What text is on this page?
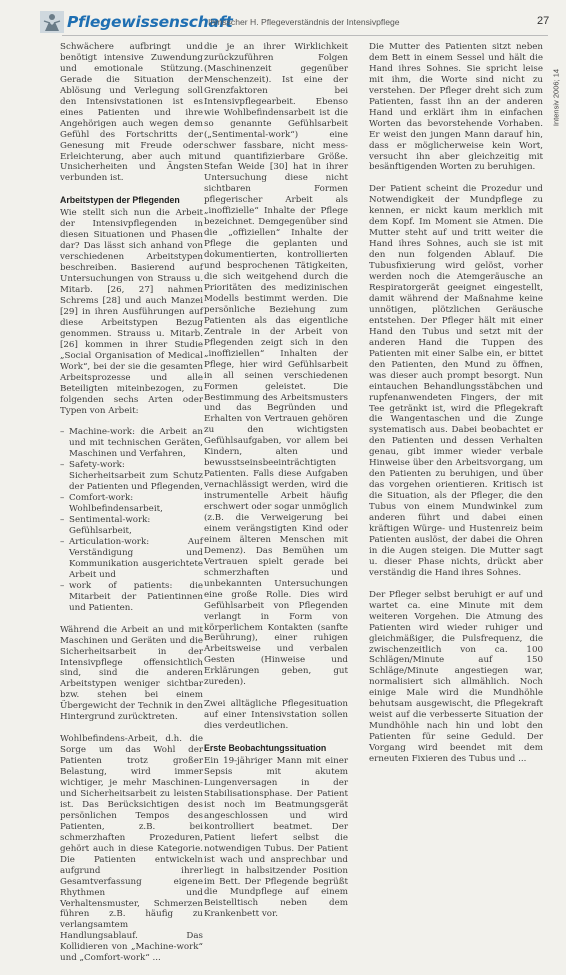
Pflegewissenschaft
Ihmsscher H. Pflegeverständnis der Intensivpflege	27
Intensiv 2006; 14

Schwächere aufbringt und benötigt intensive Zuwendung und emotionale Stützung. Gerade die Situation der Ablösung und Verlegung soll den Intensivstationen ist es eines Patienten und ihre Angehörigen auch wegen dem Gefühl des Fortschritts der Genesung mit Freude oder Erleichterung, aber auch mit Unsicherheiten und Ängsten verbunden ist.

Arbeitstypen der Pflegenden

Wie stellt sich nun die Arbeit der Intensivpflegenden in diesen Situationen und Phasen dar? Das lässt sich anhand von verschiedenen Arbeitstypen beschreiben. Basierend auf Untersuchungen von Strauss u. Mitarb. [26, 27] nahmen Schrems [28] und auch Manzei [29] in ihren Ausführungen auf diese Arbeitstypen Bezug genommen. Strauss u. Mitarb. [26] kommen in ihrer Studie „Social Organisation of Medical Work“, bei der sie die gesamten Arbeitsprozesse und alle Beteiligten miteinbezogen, zu folgenden sechs Arten oder Typen von Arbeit:

– Machine-work: die Arbeit an und mit technischen Geräten, Maschinen und Verfahren,
– Safety-work: Sicherheitsarbeit zum Schutz der Patienten und Pflegenden,
– Comfort-work: Wohlbefindensarbeit,
– Sentimental-work: Gefühlsarbeit,
– Articulation-work: Auf Verständigung und Kommunikation ausgerichtete Arbeit und
– work of patients: die Mitarbeit der Patientinnen und Patienten.

Während die Arbeit an und mit Maschinen und Geräten und die Sicherheitsarbeit in der Intensivpflege offensichtlich sind, sind die anderen Arbeitstypen weniger sichtbar bzw. stehen bei einem Übergewicht der Technik in den Hintergrund zurücktreten.

Wohlbefindens-Arbeit, d.h. die Sorge um das Wohl der Patienten trotz großer Belastung, wird immer wichtiger, je mehr Maschinen- und Sicherheitsarbeit zu leisten ist. Das Berücksichtigen des persönlichen Tempos des Patienten, z.B. bei schmerzhaften Prozeduren, gehört auch in diese Kategorie. Die Patienten entwickeln aufgrund ihrer Gesamtverfassung eigene Rhythmen und Verhaltensmuster, Schmerzen führen z.B. häufig zu verlangsamtem Handlungsablauf. Das Kollidieren von „Machine-work“ und „Comfort-work“ ...

die je an ihrer Wirklichkeit zurückzuführen Folgen (Maschinenzeit gegenüber Menschenzeit). Ist eine der Grenzfaktoren bei Intensivpflegearbeit. Ebenso wie Wohlbefindensarbeit ist die so genannte Gefühlsarbeit („Sentimental-work“) eine schwer fassbare, nicht mess- und quantifizierbare Größe. Stefan Weide [30] hat in ihrer Untersuchung diese nicht sichtbaren Formen pflegerischer Arbeit als „inoffizielle“ Inhalte der Pflege bezeichnet. Demgegenüber sind die „offiziellen“ Inhalte der Pflege die geplanten und dokumentierten, kontrollierten und besprochenen Tätigkeiten, die sich weitgehend durch die Prioritäten des medizinischen Modells bestimmt werden. Die persönliche Beziehung zum Patienten als das eigentliche Zentrale in der Arbeit von Pflegenden zeigt sich in den „inoffiziellen“ Inhalten der Pflege, hier wird Gefühlsarbeit in all seinen verschiedenen Formen geleistet. Die Bestimmung des Arbeitsmusters und das Begründen und Erhalten von Vertrauen gehören zu den wichtigsten Gefühlsaufgaben, vor allem bei Kindern, alten und bewusstseinsbeeinträchtigten Patienten. Falls diese Aufgaben vernachlässigt werden, wird die instrumentelle Arbeit häufig erschwert oder sogar unmöglich (z.B. die Verweigerung bei einem verängstigten Kind oder einem älteren Menschen mit Demenz). Das Bemühen um Vertrauen spielt gerade bei schmerzhaften und unbekannten Untersuchungen eine große Rolle. Dies wird Gefühlsarbeit von Pflegenden verlangt in Form von körperlichem Kontakten (sanfte Berührung), einer ruhigen Arbeitsweise und verbalen Gesten (Hinweise und Erklärungen geben, gut zureden).

Zwei alltägliche Pflegesituation auf einer Intensivstation sollen dies verdeutlichen.

Erste Beobachtungssituation

Ein 19-jähriger Mann mit einer Sepsis mit akutem Lungenversagen in der Stabilisationsphase. Der Patient ist noch im Beatmungsgerät angeschlossen und wird kontrolliert beatmet. Der Patient liefert selbst die notwendigen Tubus. Der Patient ist wach und ansprechbar und liegt in halbsitzender Position im Bett. Der Pflegende begrüßt die Mundpflege auf einem Beistelltisch neben dem Krankenbett vor.

Die Mutter des Patienten sitzt neben dem Bett in einem Sessel und hält die Hand ihres Sohnes. Sie spricht leise mit ihm, die Worte sind nicht zu verstehen. Der Pfleger dreht sich zum Patienten, fasst ihn an der anderen Hand und erklärt ihm in einfachen Worten das bevorstehende Vorhaben. Er weist den jungen Mann darauf hin, dass er möglicherweise kein Wort, versucht ihn aber gleichzeitig mit besänftigenden Worten zu beruhigen.

Der Patient scheint die Prozedur und Notwendigkeit der Mundpflege zu kennen, er nickt kaum merklich mit dem Kopf. Im Moment sie Atmen. Die Mutter steht auf und tritt weiter die Hand ihres Sohnes, auch sie ist mit den nun folgenden Ablauf. Die Tubusfixierung wird gelöst, vorher werden noch die Atemgeräusche an Respiratorgerät geeignet eingestellt, damit während der Maßnahme keine unnötigen, plötzlichen Geräusche entstehen. Der Pfleger hält mit einer Hand den Tubus und setzt mit der anderen Hand die Tuppen des Patienten mit einer Salbe ein, er bittet den Patienten, den Mund zu öffnen, was dieser auch prompt besorgt. Nun eintauchen Behandlungsstäbchen und rupfenanwendeten Fingers, der mit Tee getränkt ist, wird die Pflegekraft die Wangentaschen und die Zunge systematisch aus. Dabei beobachtet er den Patienten und dessen Verhalten genau, gibt immer wieder verbale Hinweise über den Arbeitsvorgang, um den Patienten zu beruhigen, und über das vorgehen orientieren. Kritisch ist die Situation, als der Pfleger, die den Tubus von einem Mundwinkel zum anderen führt und dabei einen kräftigen Würge- und Hustenreiz beim Patienten auslöst, der dabei die Ohren in die Augen steigen. Die Mutter sagt u. dieser Phase nichts, drückt aber verständig die Hand ihres Sohnes.

Der Pfleger selbst beruhigt er auf und wartet ca. eine Minute mit dem weiteren Vorgehen. Die Atmung des Patienten wird wieder ruhiger und gleichmäßiger, die Pulsfrequenz, die zwischenzeitlich von ca. 100 Schlägen/Minute auf 150 Schläge/Minute angestiegen war, normalisiert sich allmählich. Noch einige Male wird die Mundhöhle behutsam ausgewischt, die Pflegekraft weist auf die verbesserte Situation der Mundhöhle nach hin und lobt den Patienten für seine Geduld. Der Vorgang wird beendet mit dem erneuten Fixieren des Tubus und ...
